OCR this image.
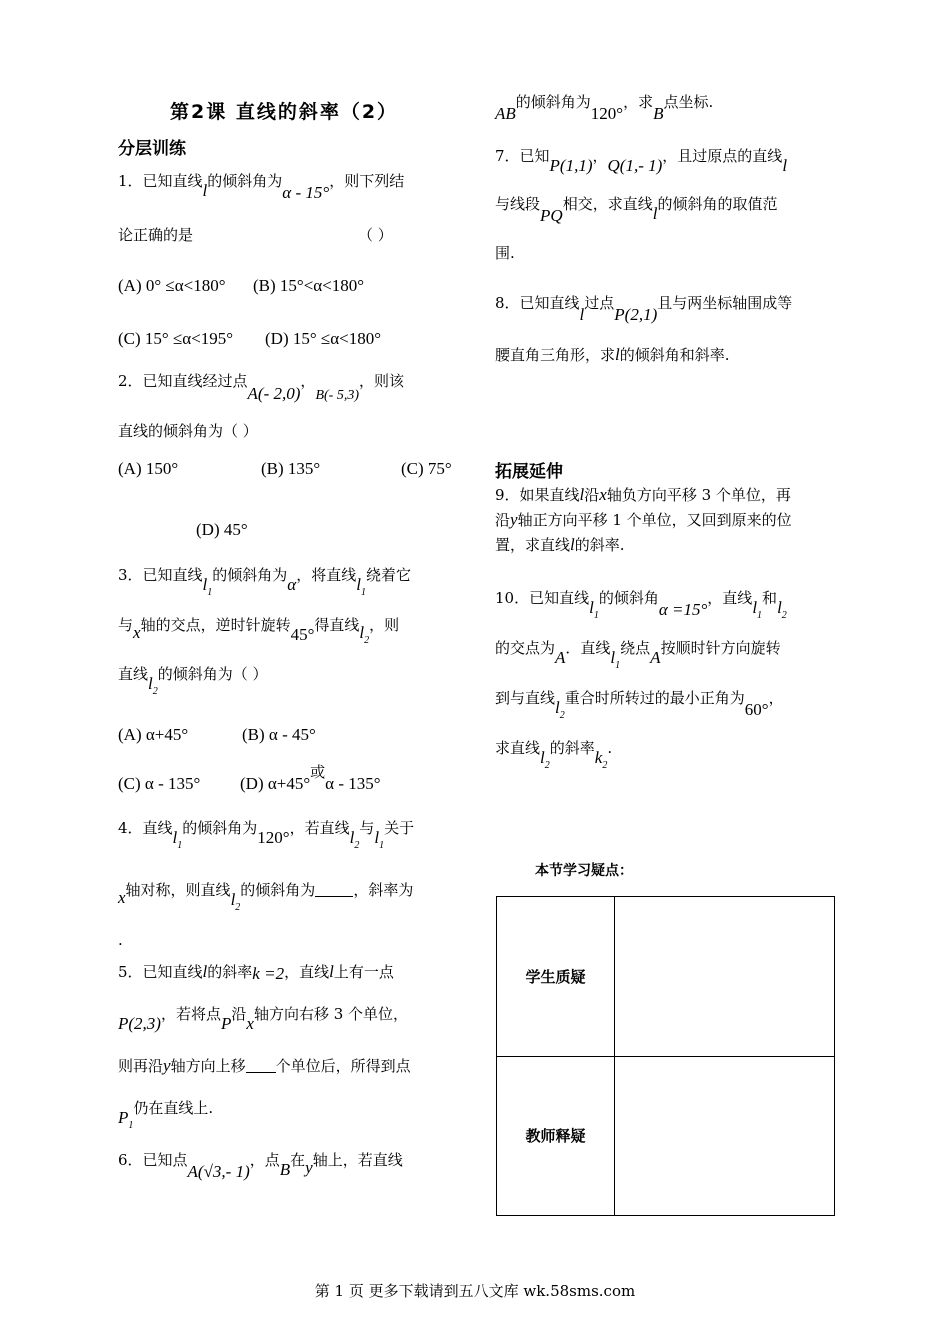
第2课 直线的斜率（2）
分层训练
1．已知直线l的倾斜角为α - 15°，则下列结
论正确的是	（ ）
(A) 0° ≤α<180° (B) 15°<α<180°
(C) 15° ≤α<195° (D) 15° ≤α<180°
2．已知直线经过点A(- 2,0)，B(- 5,3)，则该
直线的倾斜角为（ ）
(A) 150°	(B) 135°	(C) 75°
(D) 45°
3．已知直线$l_1$的倾斜角为α，将直线$l_1$绕着它
与x轴的交点，逆时针旋转45°得直线$l_2$，则
直线$l_2$的倾斜角为（ ）
(A) α+45°	(B) α - 45°
(C) α - 135° (D) α+45°或α - 135°
4．直线$l_1$的倾斜角为120°，若直线$l_2$与$l_1$关于
x轴对称，则直线$l_2$的倾斜角为	，斜率为
.
5．已知直线l的斜率k =2，直线l上有一点
P(2,3)，若将点P沿x轴方向右移 3 个单位，
则再沿y轴方向上移 个单位后，所得到点
$P_1$仍在直线上.
6．已知点A(√3,- 1)，点B在y轴上，若直线
AB的倾斜角为120°，求B点坐标.
7．已知P(1,1)，Q(1,- 1)，且过原点的直线l
与线段PQ相交，求直线l的倾斜角的取值范
围.
8．已知直线l过点P(2,1)且与两坐标轴围成等
腰直角三角形，求l的倾斜角和斜率.
拓展延伸
9．如果直线l沿x轴负方向平移 3 个单位，再
沿y轴正方向平移 1 个单位，又回到原来的位
置，求直线l的斜率.
10．已知直线$l_1$的倾斜角α =15°，直线$l_1$和$l_2$
的交点为A．直线$l_1$绕点A按顺时针方向旋转
到与直线$l_2$重合时所转过的最小正角为60°，
求直线$l_2$的斜率$k_2$.
本节学习疑点：
学生质疑	
教师释疑	
第 1 页 更多下载请到五八文库 wk.58sms.com
